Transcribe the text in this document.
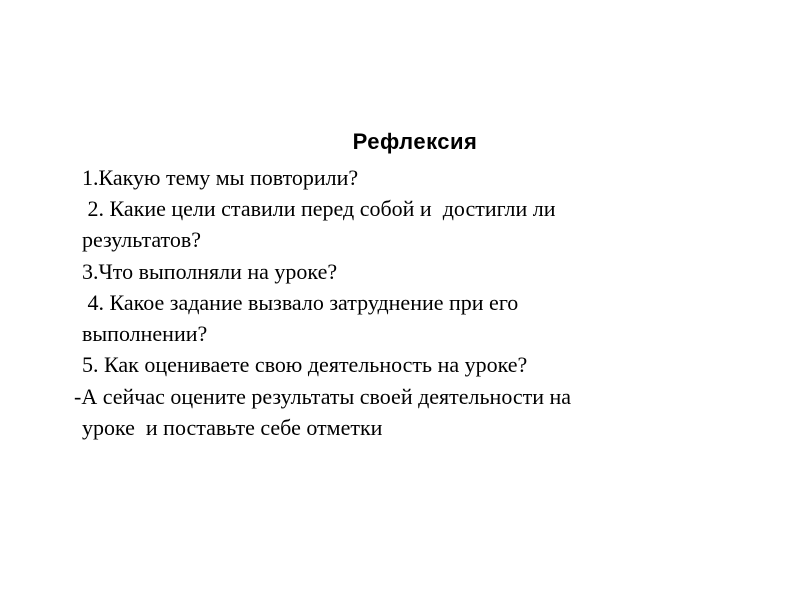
Рефлексия
1.Какую тему мы повторили?
2. Какие цели ставили перед собой и  достигли ли
результатов?
3.Что выполняли на уроке?
4. Какое задание вызвало затруднение при его
выполнении?
5. Как оцениваете свою деятельность на уроке?
-А сейчас оцените результаты своей деятельности на
уроке  и поставьте себе отметки
